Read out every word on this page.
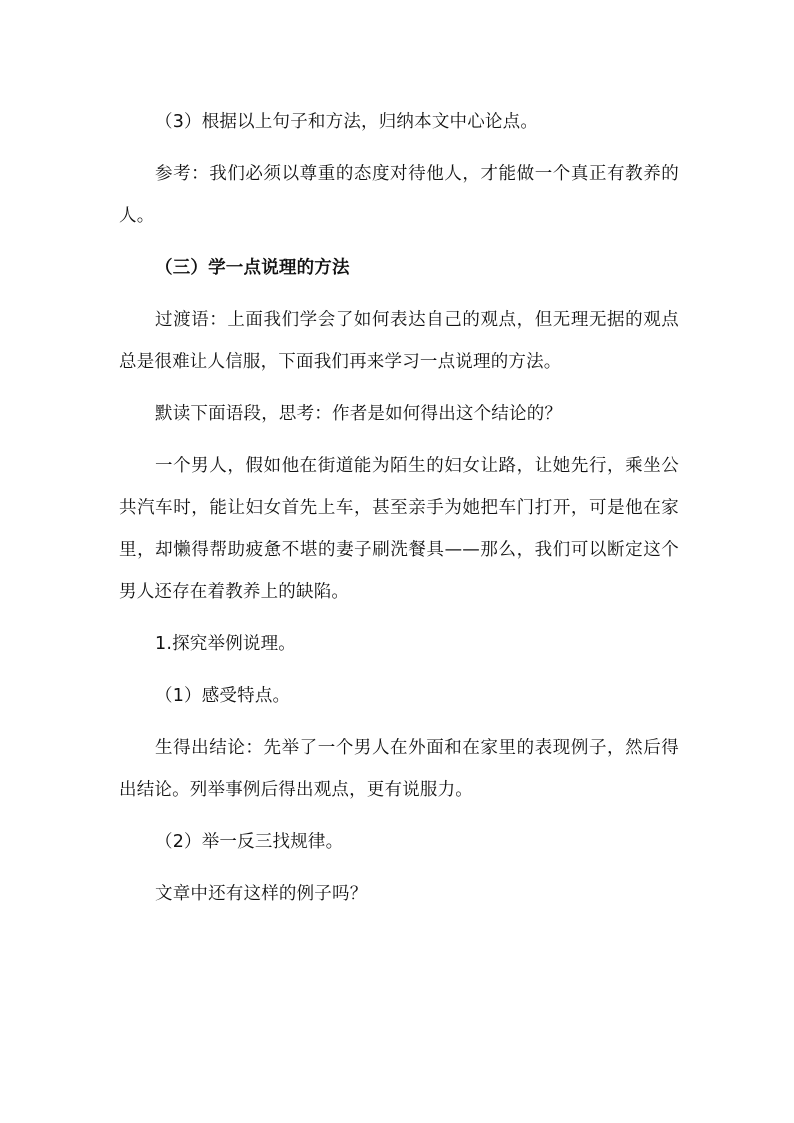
（3）根据以上句子和方法，归纳本文中心论点。

参考：我们必须以尊重的态度对待他人，才能做一个真正有教养的人。

（三）学一点说理的方法

过渡语：上面我们学会了如何表达自己的观点，但无理无据的观点总是很难让人信服，下面我们再来学习一点说理的方法。

默读下面语段，思考：作者是如何得出这个结论的？

一个男人，假如他在街道能为陌生的妇女让路，让她先行，乘坐公共汽车时，能让妇女首先上车，甚至亲手为她把车门打开，可是他在家里，却懒得帮助疲惫不堪的妻子刷洗餐具——那么，我们可以断定这个男人还存在着教养上的缺陷。

1.探究举例说理。

（1）感受特点。

生得出结论：先举了一个男人在外面和在家里的表现例子，然后得出结论。列举事例后得出观点，更有说服力。

（2）举一反三找规律。

文章中还有这样的例子吗？
